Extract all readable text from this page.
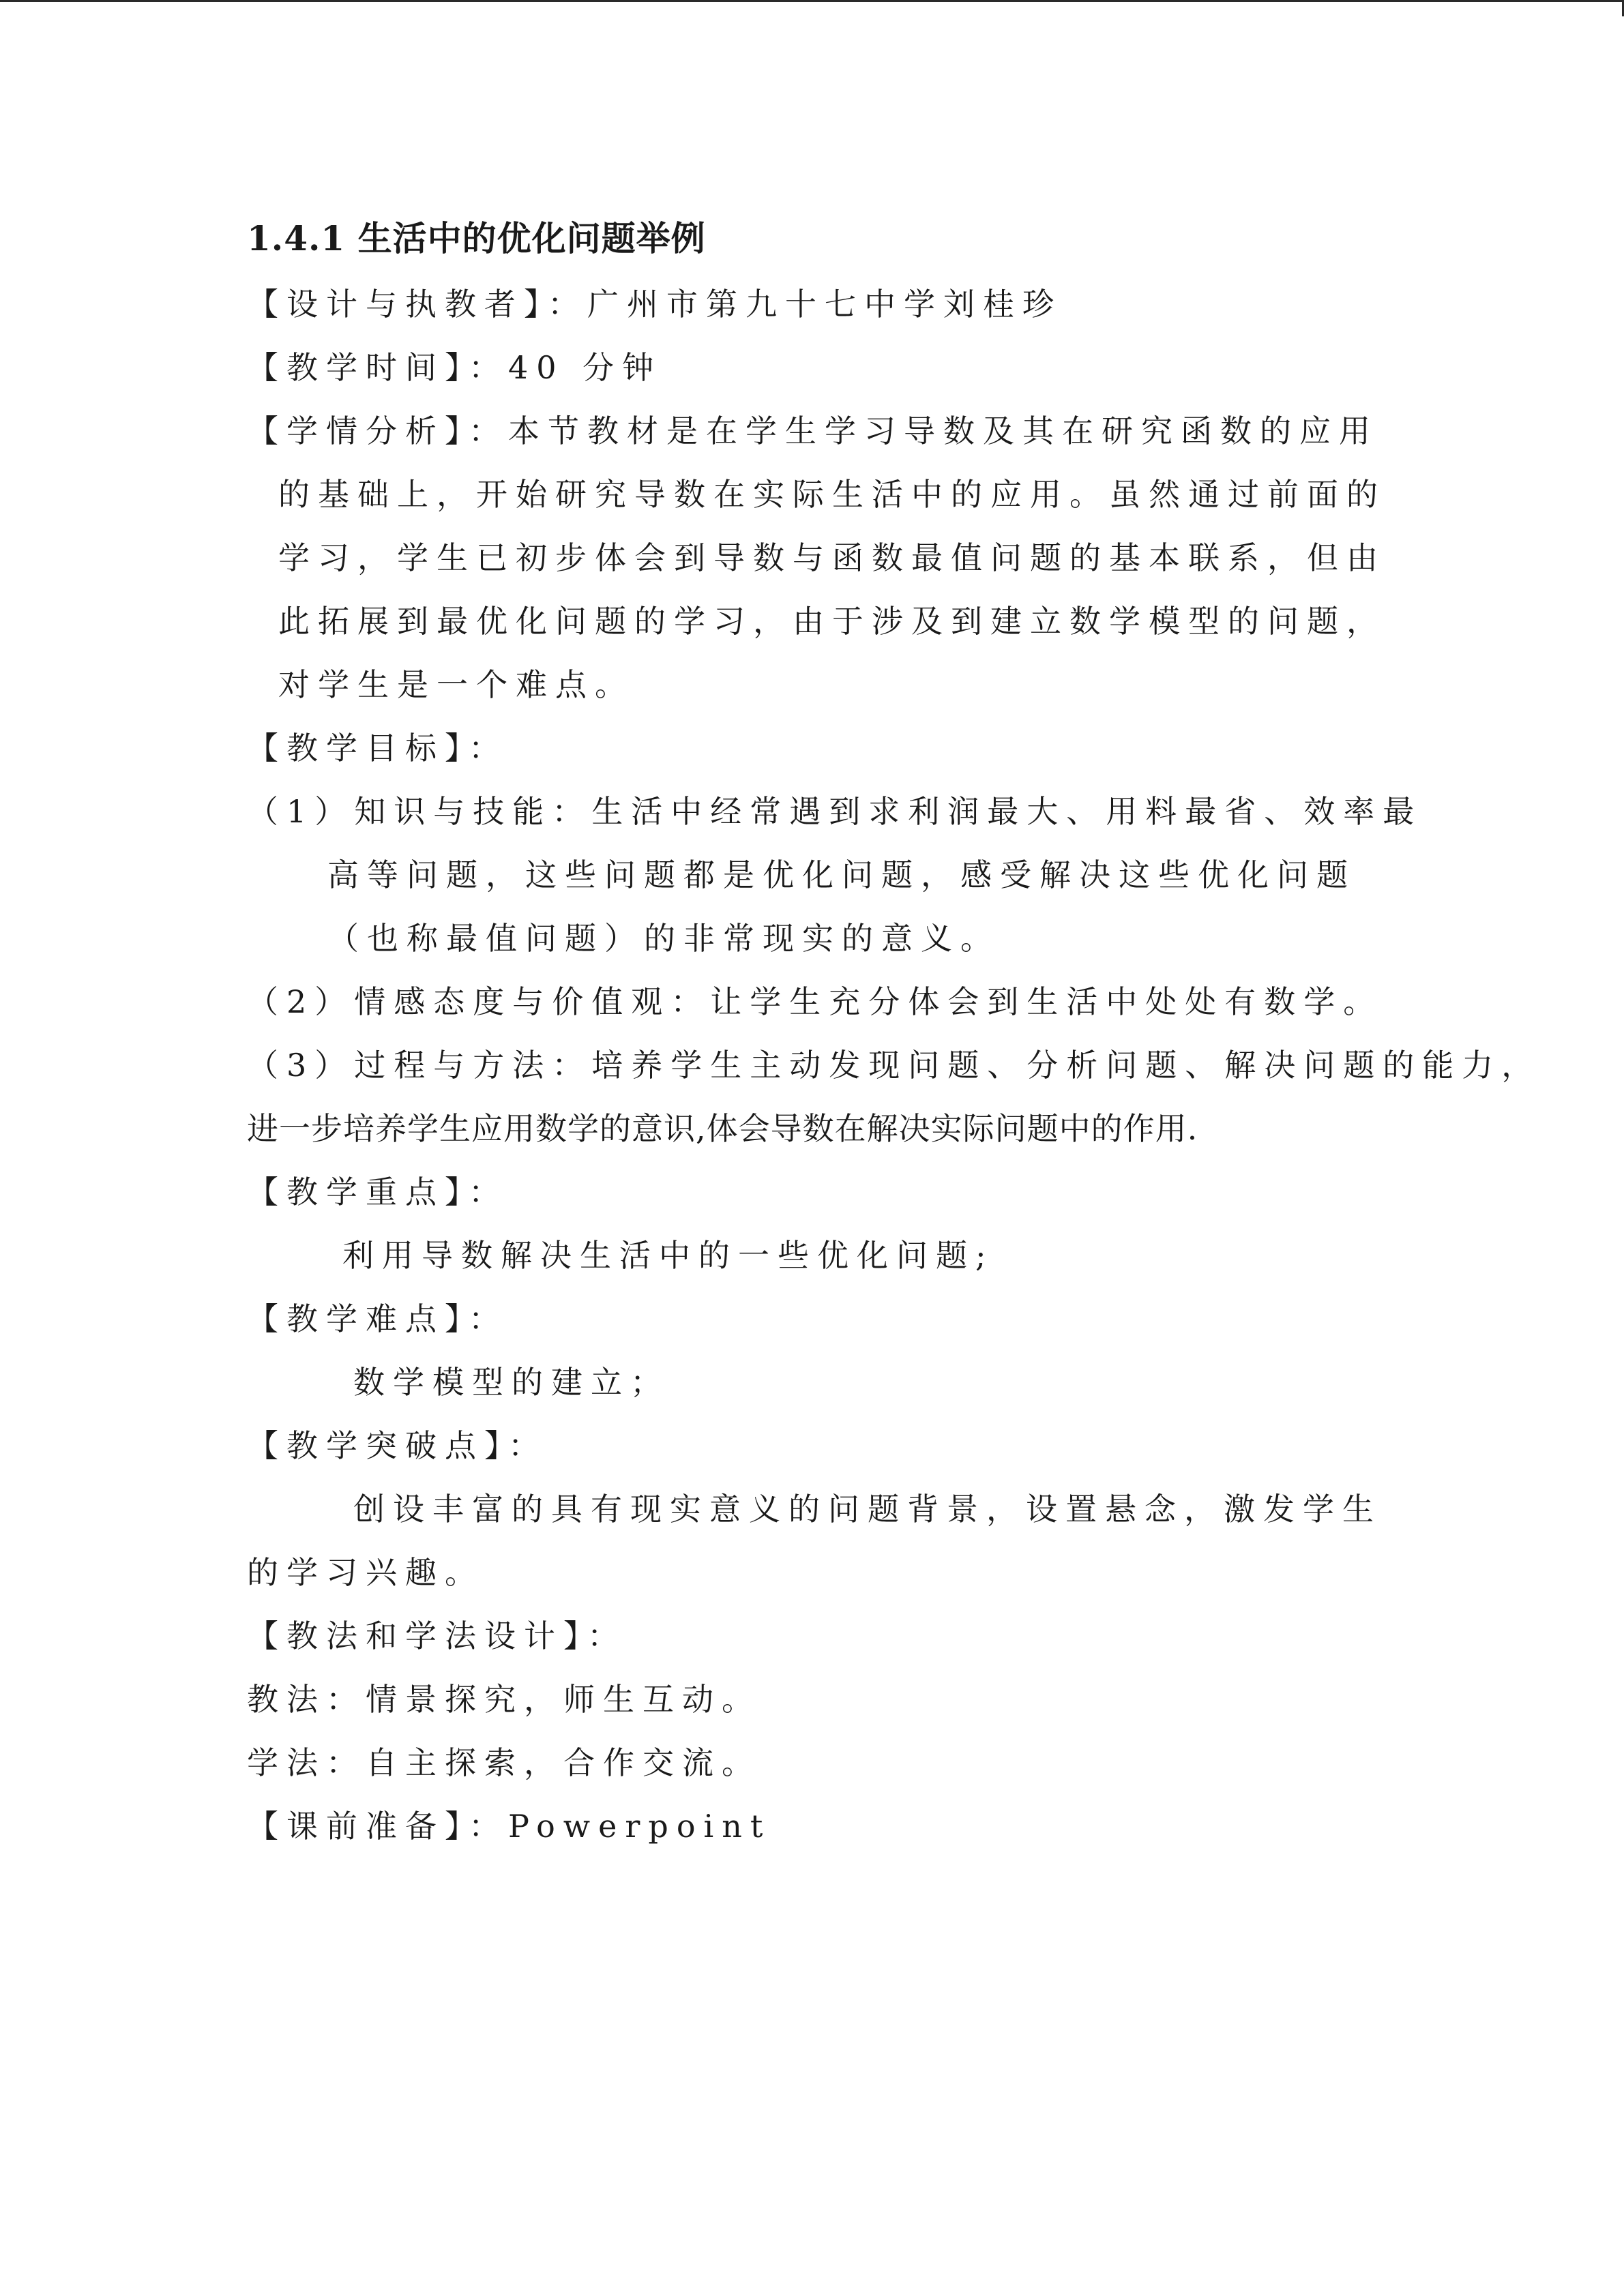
1.4.1 生活中的优化问题举例
【设计与执教者】：广州市第九十七中学刘桂珍
【教学时间】：40 分钟
【学情分析】：本节教材是在学生学习导数及其在研究函数的应用
的基础上，开始研究导数在实际生活中的应用。虽然通过前面的
学习，学生已初步体会到导数与函数最值问题的基本联系，但由
此拓展到最优化问题的学习，由于涉及到建立数学模型的问题，
对学生是一个难点。
【教学目标】：
（1）知识与技能：生活中经常遇到求利润最大、用料最省、效率最
高等问题，这些问题都是优化问题，感受解决这些优化问题
（也称最值问题）的非常现实的意义。
（2）情感态度与价值观：让学生充分体会到生活中处处有数学。
（3）过程与方法：培养学生主动发现问题、分析问题、解决问题的能力，
进一步培养学生应用数学的意识,体会导数在解决实际问题中的作用.
【教学重点】：
利用导数解决生活中的一些优化问题;
【教学难点】：
数学模型的建立；
【教学突破点】：
创设丰富的具有现实意义的问题背景，设置悬念，激发学生
的学习兴趣。
【教法和学法设计】：
教法：情景探究，师生互动。
学法：自主探索，合作交流。
【课前准备】：Powerpoint
